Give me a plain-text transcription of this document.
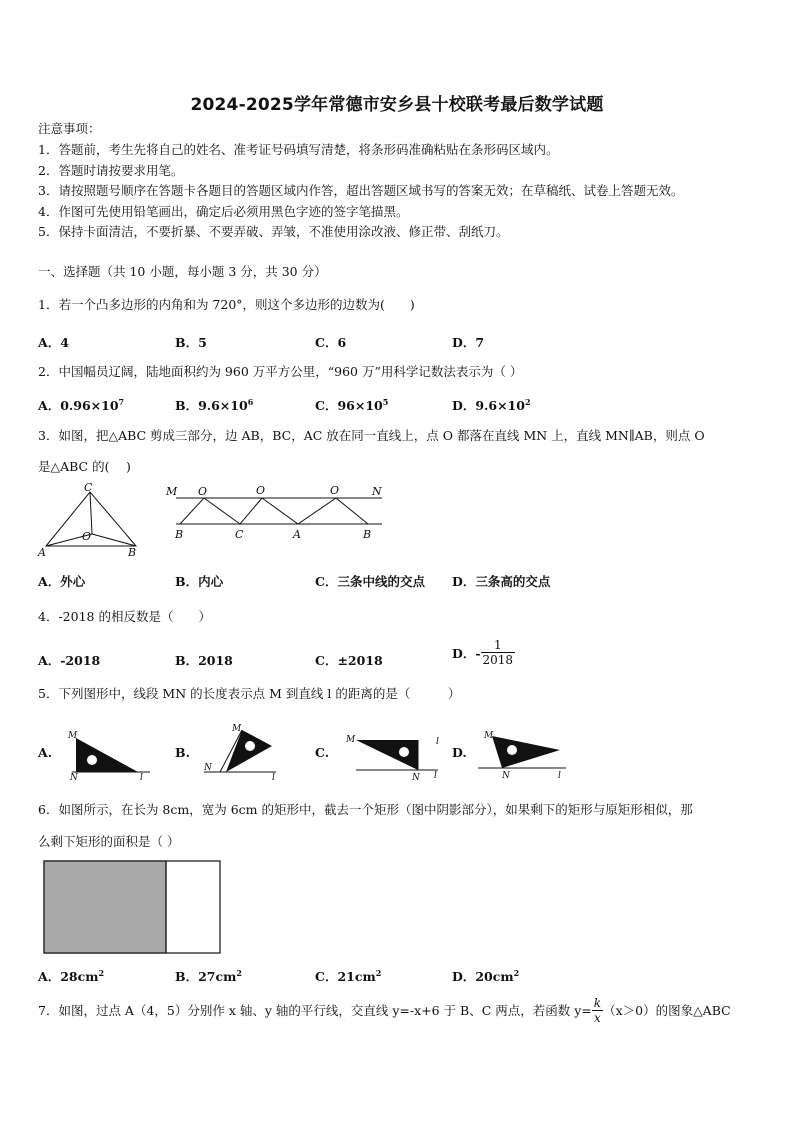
2024-2025学年常德市安乡县十校联考最后数学试题
注意事项：
1．答题前，考生先将自己的姓名、准考证号码填写清楚，将条形码准确粘贴在条形码区域内。
2．答题时请按要求用笔。
3．请按照题号顺序在答题卡各题目的答题区域内作答，超出答题区域书写的答案无效；在草稿纸、试卷上答题无效。
4．作图可先使用铅笔画出，确定后必须用黑色字迹的签字笔描黑。
5．保持卡面清洁，不要折暴、不要弄破、弄皱，不准使用涂改液、修正带、刮纸刀。
一、选择题（共 10 小题，每小题 3 分，共 30 分）
1．若一个凸多边形的内角和为 720°，则这个多边形的边数为(　　)
A．4	B．5	C．6	D．7
2．中国幅员辽阔，陆地面积约为 960 万平方公里，“960 万”用科学记数法表示为（ ）
A．$0.96\times 10^7$	B．$9.6\times 10^6$	C．$96\times 10^5$	D．$9.6\times 10^2$
3．如图，把△ABC 剪成三部分，边 AB，BC，AC 放在同一直线上，点 O 都落在直线 MN 上，直线 MN∥AB，则点 O
是△ABC 的(　 )
C
O
A	B
M O	O	O	N
B	C	A	B
A．外心	B．内心	C．三条中线的交点 D．三条高的交点
4．-2018 的相反数是（　　）
A．-2018	B．2018	C．±2018	D．- $\frac{1}{2018}$
5．下列图形中，线段 MN 的长度表示点 M 到直线 l 的距离的是（　　　）
A.
M
N	l
B.
M
N
l
C.
M
N l
l
D.
M
N	l
6．如图所示，在长为 8cm，宽为 6cm 的矩形中，截去一个矩形（图中阴影部分），如果剩下的矩形与原矩形相似，那
么剩下矩形的面积是（ ）
A．$28cm^2$	B．$27cm^2$	C．$21cm^2$	D．$20cm^2$
7．如图，过点 A（4，5）分别作 x 轴、y 轴的平行线，交直线 y=-x+6 于 B、C 两点，若函数 $y= \frac{k}{x} (x>0)$的图象△ABC
